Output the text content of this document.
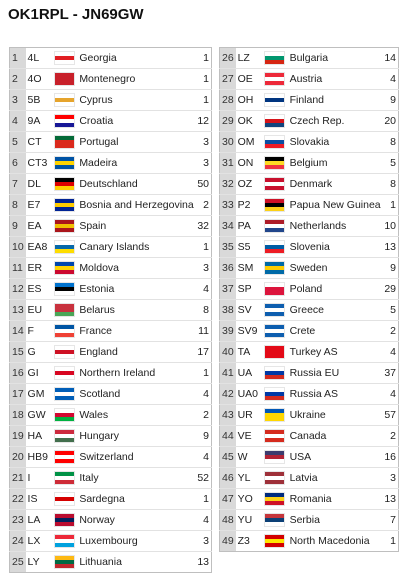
OK1RPL - JN69GW
1	4L		Georgia	1
2	4O		Montenegro	1
3	5B		Cyprus	1
4	9A		Croatia	12
5	CT		Portugal	3
6	CT3		Madeira	3
7	DL		Deutschland	50
8	E7		Bosnia and Herzegovina	2
9	EA		Spain	32
10	EA8		Canary Islands	1
11	ER		Moldova	3
12	ES		Estonia	4
13	EU		Belarus	8
14	F		France	11
15	G		England	17
16	GI		Northern Ireland	1
17	GM		Scotland	4
18	GW		Wales	2
19	HA		Hungary	9
20	HB9		Switzerland	4
21	I		Italy	52
22	IS		Sardegna	1
23	LA		Norway	4
24	LX		Luxembourg	3
25	LY		Lithuania	13
26	LZ		Bulgaria	14
27	OE		Austria	4
28	OH		Finland	9
29	OK		Czech Rep.	20
30	OM		Slovakia	8
31	ON		Belgium	5
32	OZ		Denmark	8
33	P2		Papua New Guinea	1
34	PA		Netherlands	10
35	S5		Slovenia	13
36	SM		Sweden	9
37	SP		Poland	29
38	SV		Greece	5
39	SV9		Crete	2
40	TA		Turkey AS	4
41	UA		Russia EU	37
42	UA0		Russia AS	4
43	UR		Ukraine	57
44	VE		Canada	2
45	W		USA	16
46	YL		Latvia	3
47	YO		Romania	13
48	YU		Serbia	7
49	Z3		North Macedonia	1
